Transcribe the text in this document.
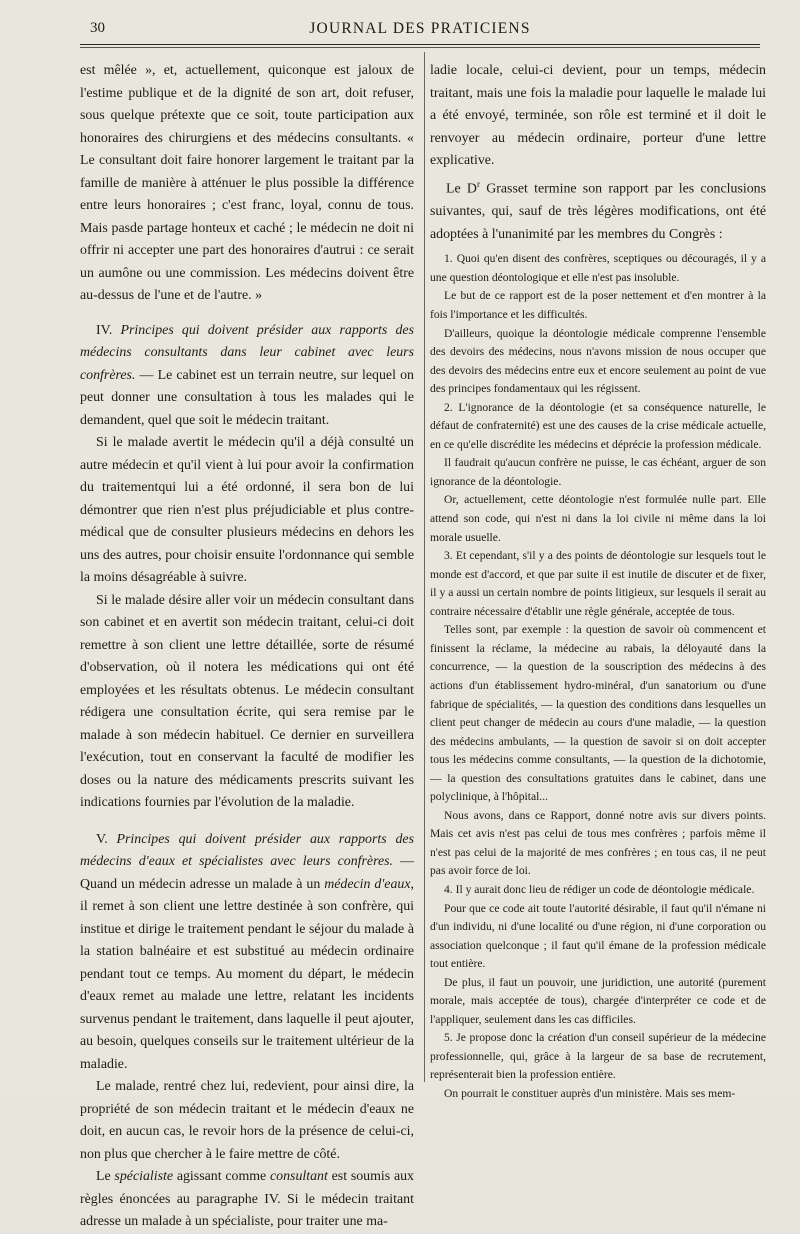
30	JOURNAL DES PRATICIENS

est mêlée », et, actuellement, quiconque est jaloux de l'estime publique et de la dignité de son art, doit refuser, sous quelque prétexte que ce soit, toute participation aux honoraires des chirurgiens et des médecins consultants. « Le consultant doit faire honorer largement le traitant par la famille de manière à atténuer le plus possible la différence entre leurs honoraires ; c'est franc, loyal, connu de tous. Mais pasde partage honteux et caché ; le médecin ne doit ni offrir ni accepter une part des honoraires d'autrui : ce serait un aumône ou une commission. Les médecins doivent être au-dessus de l'une et de l'autre. »

IV. Principes qui doivent présider aux rapports des médecins consultants dans leur cabinet avec leurs confrères. — Le cabinet est un terrain neutre, sur lequel on peut donner une consultation à tous les malades qui le demandent, quel que soit le médecin traitant.

Si le malade avertit le médecin qu'il a déjà consulté un autre médecin et qu'il vient à lui pour avoir la confirmation du traitementqui lui a été ordonné, il sera bon de lui démontrer que rien n'est plus préjudiciable et plus contre-médical que de consulter plusieurs médecins en dehors les uns des autres, pour choisir ensuite l'ordonnance qui semble la moins désagréable à suivre.

Si le malade désire aller voir un médecin consultant dans son cabinet et en avertit son médecin traitant, celui-ci doit remettre à son client une lettre détaillée, sorte de résumé d'observation, où il notera les médications qui ont été employées et les résultats obtenus. Le médecin consultant rédigera une consultation écrite, qui sera remise par le malade à son médecin habituel. Ce dernier en surveillera l'exécution, tout en conservant la faculté de modifier les doses ou la nature des médicaments prescrits suivant les indications fournies par l'évolution de la maladie.

V. Principes qui doivent présider aux rapports des médecins d'eaux et spécialistes avec leurs confrères. — Quand un médecin adresse un malade à un médecin d'eaux, il remet à son client une lettre destinée à son confrère, qui institue et dirige le traitement pendant le séjour du malade à la station balnéaire et est substitué au médecin ordinaire pendant tout ce temps. Au moment du départ, le médecin d'eaux remet au malade une lettre, relatant les incidents survenus pendant le traitement, dans laquelle il peut ajouter, au besoin, quelques conseils sur le traitement ultérieur de la maladie.

Le malade, rentré chez lui, redevient, pour ainsi dire, la propriété de son médecin traitant et le médecin d'eaux ne doit, en aucun cas, le revoir hors de la présence de celui-ci, non plus que chercher à le faire mettre de côté.

Le spécialiste agissant comme consultant est soumis aux règles énoncées au paragraphe IV. Si le médecin traitant adresse un malade à un spécialiste, pour traiter une ma-

ladie locale, celui-ci devient, pour un temps, médecin traitant, mais une fois la maladie pour laquelle le malade lui a été envoyé, terminée, son rôle est terminé et il doit le renvoyer au médecin ordinaire, porteur d'une lettre explicative.

Le $D^r$ Grasset termine son rapport par les conclusions suivantes, qui, sauf de très légères modifications, ont été adoptées à l'unanimité par les membres du Congrès :

1. Quoi qu'en disent des confrères, sceptiques ou découragés, il y a une question déontologique et elle n'est pas insoluble.

Le but de ce rapport est de la poser nettement et d'en montrer à la fois l'importance et les difficultés.

D'ailleurs, quoique la déontologie médicale comprenne l'ensemble des devoirs des médecins, nous n'avons mission de nous occuper que des devoirs des médecins entre eux et encore seulement au point de vue des principes fondamentaux qui les régissent.

2. L'ignorance de la déontologie (et sa conséquence naturelle, le défaut de confraternité) est une des causes de la crise médicale actuelle, en ce qu'elle discrédite les médecins et déprécie la profession médicale.

Il faudrait qu'aucun confrère ne puisse, le cas échéant, arguer de son ignorance de la déontologie.

Or, actuellement, cette déontologie n'est formulée nulle part. Elle attend son code, qui n'est ni dans la loi civile ni même dans la loi morale usuelle.

3. Et cependant, s'il y a des points de déontologie sur lesquels tout le monde est d'accord, et que par suite il est inutile de discuter et de fixer, il y a aussi un certain nombre de points litigieux, sur lesquels il serait au contraire nécessaire d'établir une règle générale, acceptée de tous.

Telles sont, par exemple : la question de savoir où commencent et finissent la réclame, la médecine au rabais, la déloyauté dans la concurrence, — la question de la souscription des médecins à des actions d'un établissement hydro-minéral, d'un sanatorium ou d'une fabrique de spécialités, — la question des conditions dans lesquelles un client peut changer de médecin au cours d'une maladie, — la question des médecins ambulants, — la question de savoir si on doit accepter tous les médecins comme consultants, — la question de la dichotomie, — la question des consultations gratuites dans le cabinet, dans une polyclinique, à l'hôpital...

Nous avons, dans ce Rapport, donné notre avis sur divers points. Mais cet avis n'est pas celui de tous mes confrères ; parfois même il n'est pas celui de la majorité de mes confrères ; en tous cas, il ne peut pas avoir force de loi.

4. Il y aurait donc lieu de rédiger un code de déontologie médicale.

Pour que ce code ait toute l'autorité désirable, il faut qu'il n'émane ni d'un individu, ni d'une localité ou d'une région, ni d'une corporation ou association quelconque ; il faut qu'il émane de la profession médicale tout entière.

De plus, il faut un pouvoir, une juridiction, une autorité (purement morale, mais acceptée de tous), chargée d'interpréter ce code et de l'appliquer, seulement dans les cas difficiles.

5. Je propose donc la création d'un conseil supérieur de la médecine professionnelle, qui, grâce à la largeur de sa base de recrutement, représenterait bien la profession entière.

On pourrait le constituer auprès d'un ministère. Mais ses mem-
